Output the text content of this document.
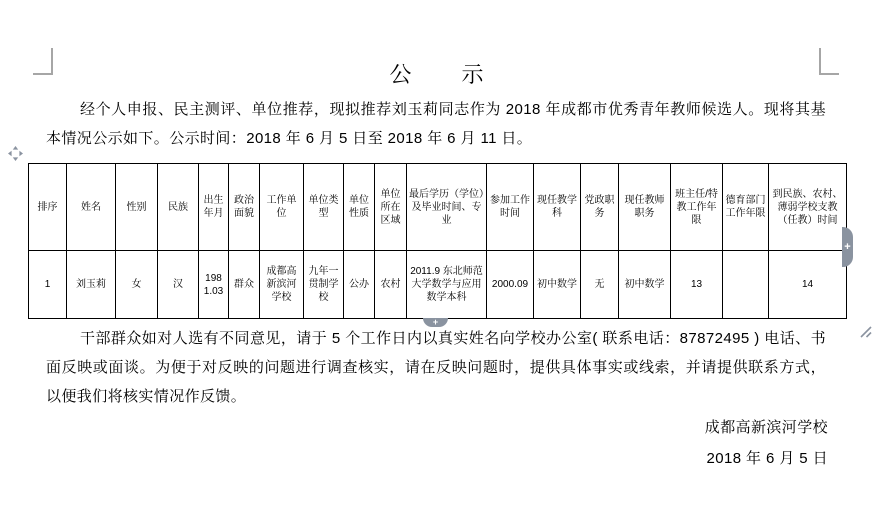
公　　示
经个人申报、民主测评、单位推荐，现拟推荐刘玉莉同志作为 2018 年成都市优秀青年教师候选人。现将其基本情况公示如下。公示时间：2018 年 6 月 5 日至 2018 年 6 月 11 日。
排序	姓名	性别	民族	出生年月	政治面貌	工作单位	单位类型	单位性质	单位所在区域	最后学历（学位）及毕业时间、专业	参加工作时间	现任教学科	党政职务	现任教师职务	班主任/特教工作年限	德育部门工作年限	到民族、农村、薄弱学校支教（任教）时间
1	刘玉莉	女	汉	1981.03	群众	成都高新滨河学校	九年一贯制学校	公办	农村	2011.9 东北师范大学数学与应用数学本科	2000.09	初中数学	无	初中数学	13		14
+
+
干部群众如对人选有不同意见，请于 5 个工作日内以真实姓名向学校办公室( 联系电话：87872495 ) 电话、书面反映或面谈。为便于对反映的问题进行调查核实，请在反映问题时，提供具体事实或线索，并请提供联系方式，以便我们将核实情况作反馈。
成都高新滨河学校
2018 年 6 月 5 日
